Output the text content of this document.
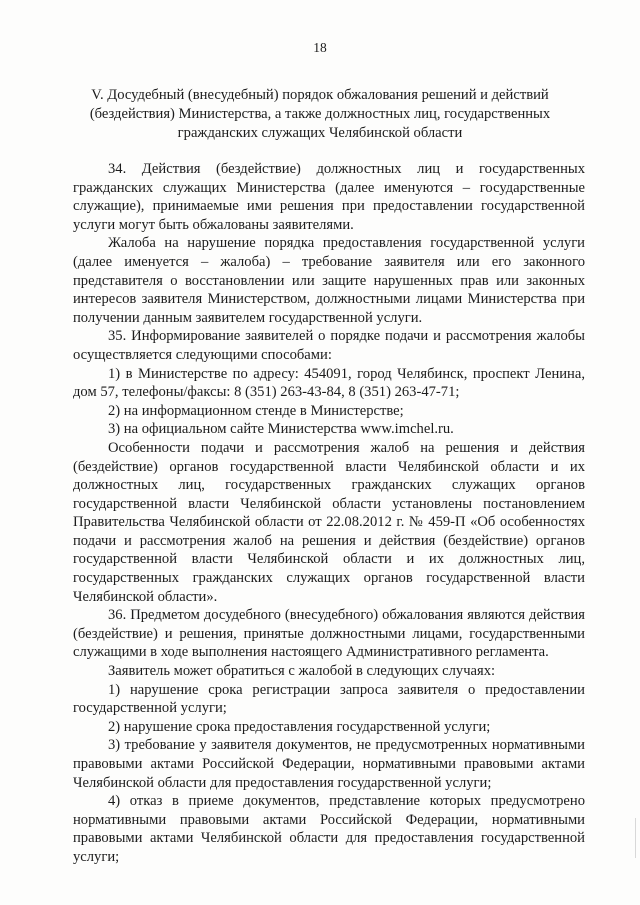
18
V. Досудебный (внесудебный) порядок обжалования решений и действий
(бездействия) Министерства, а также должностных лиц, государственных
гражданских служащих Челябинской области

34. Действия (бездействие) должностных лиц и государственных гражданских служащих Министерства (далее именуются – государственные служащие), принимаемые ими решения при предоставлении государственной услуги могут быть обжалованы заявителями.

Жалоба на нарушение порядка предоставления государственной услуги (далее именуется – жалоба) – требование заявителя или его законного представителя о восстановлении или защите нарушенных прав или законных интересов заявителя Министерством, должностными лицами Министерства при получении данным заявителем государственной услуги.

35. Информирование заявителей о порядке подачи и рассмотрения жалобы осуществляется следующими способами:

1) в Министерстве по адресу: 454091, город Челябинск, проспект Ленина, дом 57, телефоны/факсы: 8 (351) 263-43-84, 8 (351) 263-47-71;

2) на информационном стенде в Министерстве;

3) на официальном сайте Министерства www.imchel.ru.

Особенности подачи и рассмотрения жалоб на решения и действия (бездействие) органов государственной власти Челябинской области и их должностных лиц, государственных гражданских служащих органов государственной власти Челябинской области установлены постановлением Правительства Челябинской области от 22.08.2012 г. № 459-П «Об особенностях подачи и рассмотрения жалоб на решения и действия (бездействие) органов государственной власти Челябинской области и их должностных лиц, государственных гражданских служащих органов государственной власти Челябинской области».

36. Предметом досудебного (внесудебного) обжалования являются действия (бездействие) и решения, принятые должностными лицами, государственными служащими в ходе выполнения настоящего Административного регламента.

Заявитель может обратиться с жалобой в следующих случаях:

1) нарушение срока регистрации запроса заявителя о предоставлении государственной услуги;

2) нарушение срока предоставления государственной услуги;

3) требование у заявителя документов, не предусмотренных нормативными правовыми актами Российской Федерации, нормативными правовыми актами Челябинской области для предоставления государственной услуги;

4) отказ в приеме документов, представление которых предусмотрено нормативными правовыми актами Российской Федерации, нормативными правовыми актами Челябинской области для предоставления государственной услуги;
